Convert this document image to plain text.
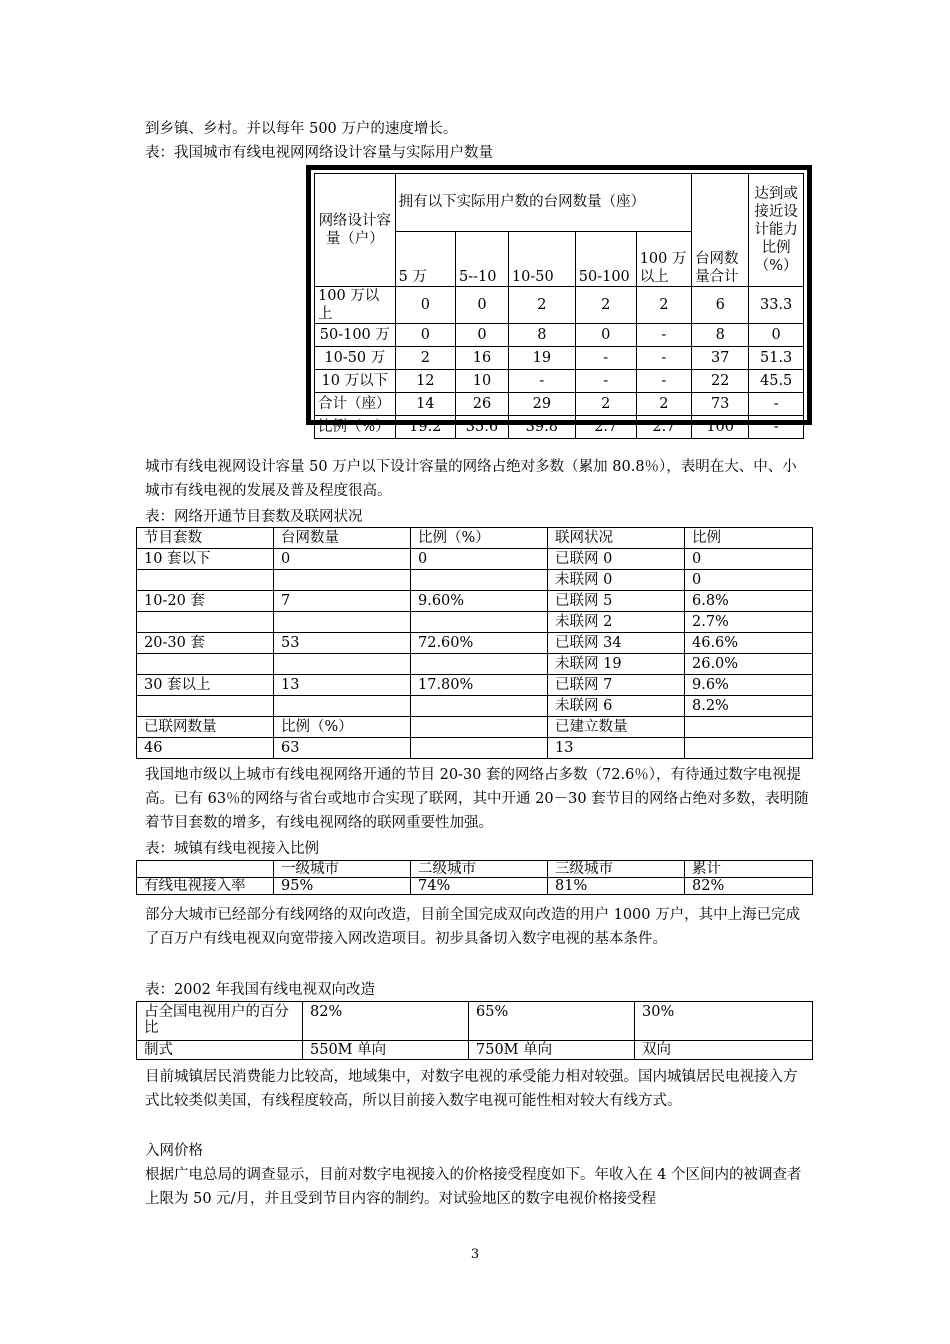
到乡镇、乡村。并以每年 500 万户的速度增长。
表：我国城市有线电视网网络设计容量与实际用户数量
网络设计容量（户）	拥有以下实际用户数的台网数量（座）					台网数量合计	达到或接近设计能力比例（%）
	5 万	5--10	10-50	50-100	100 万以上		
100 万以上	0	0	2	2	2	6	33.3
50-100 万	0	0	8	0	-	8	0
10-50 万	2	16	19	-	-	37	51.3
10 万以下	12	10	-	-	-	22	45.5
合计（座）	14	26	29	2	2	73	-
比例（%）	19.2	35.6	39.8	2.7	2.7	100	-
城市有线电视网设计容量 50 万户以下设计容量的网络占绝对多数（累加 80.8％），表明在大、中、小城市有线电视的发展及普及程度很高。
表：网络开通节目套数及联网状况
节目套数	台网数量	比例（%）	联网状况	比例
10 套以下	0	0	已联网 0	0
			未联网 0	0
10-20 套	7	9.60%	已联网 5	6.8%
			未联网 2	2.7%
20-30 套	53	72.60%	已联网 34	46.6%
			未联网 19	26.0%
30 套以上	13	17.80%	已联网 7	9.6%
			未联网 6	8.2%
已联网数量	比例（%）		已建立数量	
46	63		13	
我国地市级以上城市有线电视网络开通的节目 20-30 套的网络占多数（72.6％），有待通过数字电视提高。已有 63％的网络与省台或地市合实现了联网，其中开通 20－30 套节目的网络占绝对多数，表明随着节目套数的增多，有线电视网络的联网重要性加强。
表：城镇有线电视接入比例
	一级城市	二级城市	三级城市	累计
有线电视接入率	95%	74%	81%	82%
部分大城市已经部分有线网络的双向改造，目前全国完成双向改造的用户 1000 万户，其中上海已完成了百万户有线电视双向宽带接入网改造项目。初步具备切入数字电视的基本条件。
表：2002 年我国有线电视双向改造
占全国电视用户的百分比	82%	65%	30%
制式	550M 单向	750M 单向	双向
目前城镇居民消费能力比较高，地域集中，对数字电视的承受能力相对较强。国内城镇居民电视接入方式比较类似美国，有线程度较高，所以目前接入数字电视可能性相对较大有线方式。
入网价格
根据广电总局的调查显示，目前对数字电视接入的价格接受程度如下。年收入在 4 个区间内的被调查者上限为 50 元/月，并且受到节目内容的制约。对试验地区的数字电视价格接受程
3
